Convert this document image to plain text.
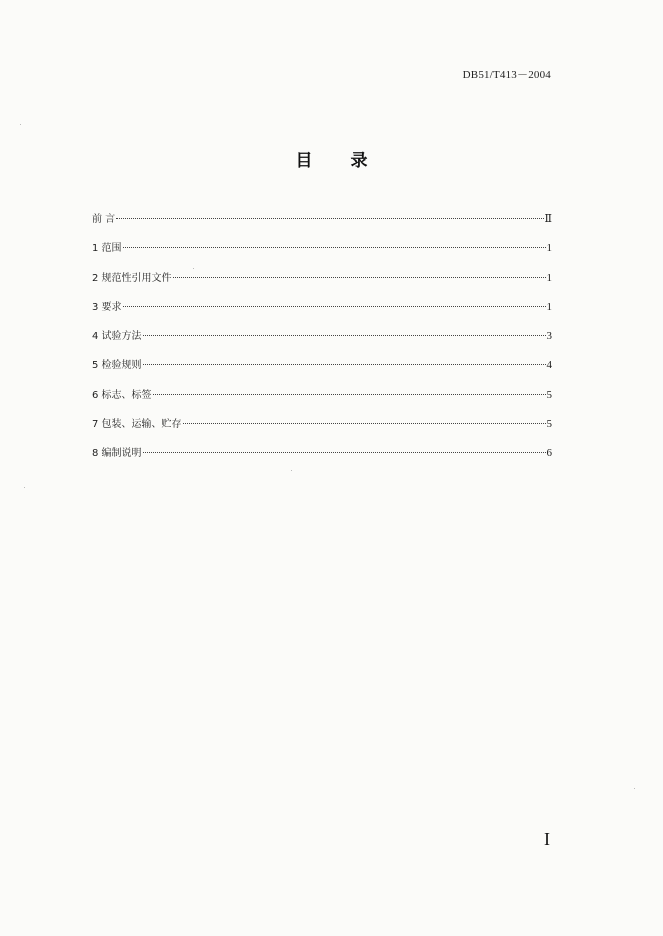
DB51/T413－2004
目 录
前 言	Ⅱ
1 范围	1
2 规范性引用文件	1
3 要求	1
4 试验方法	3
5 检验规则	4
6 标志、标签	5
7 包装、运输、贮存	5
8 编制说明	6
I
